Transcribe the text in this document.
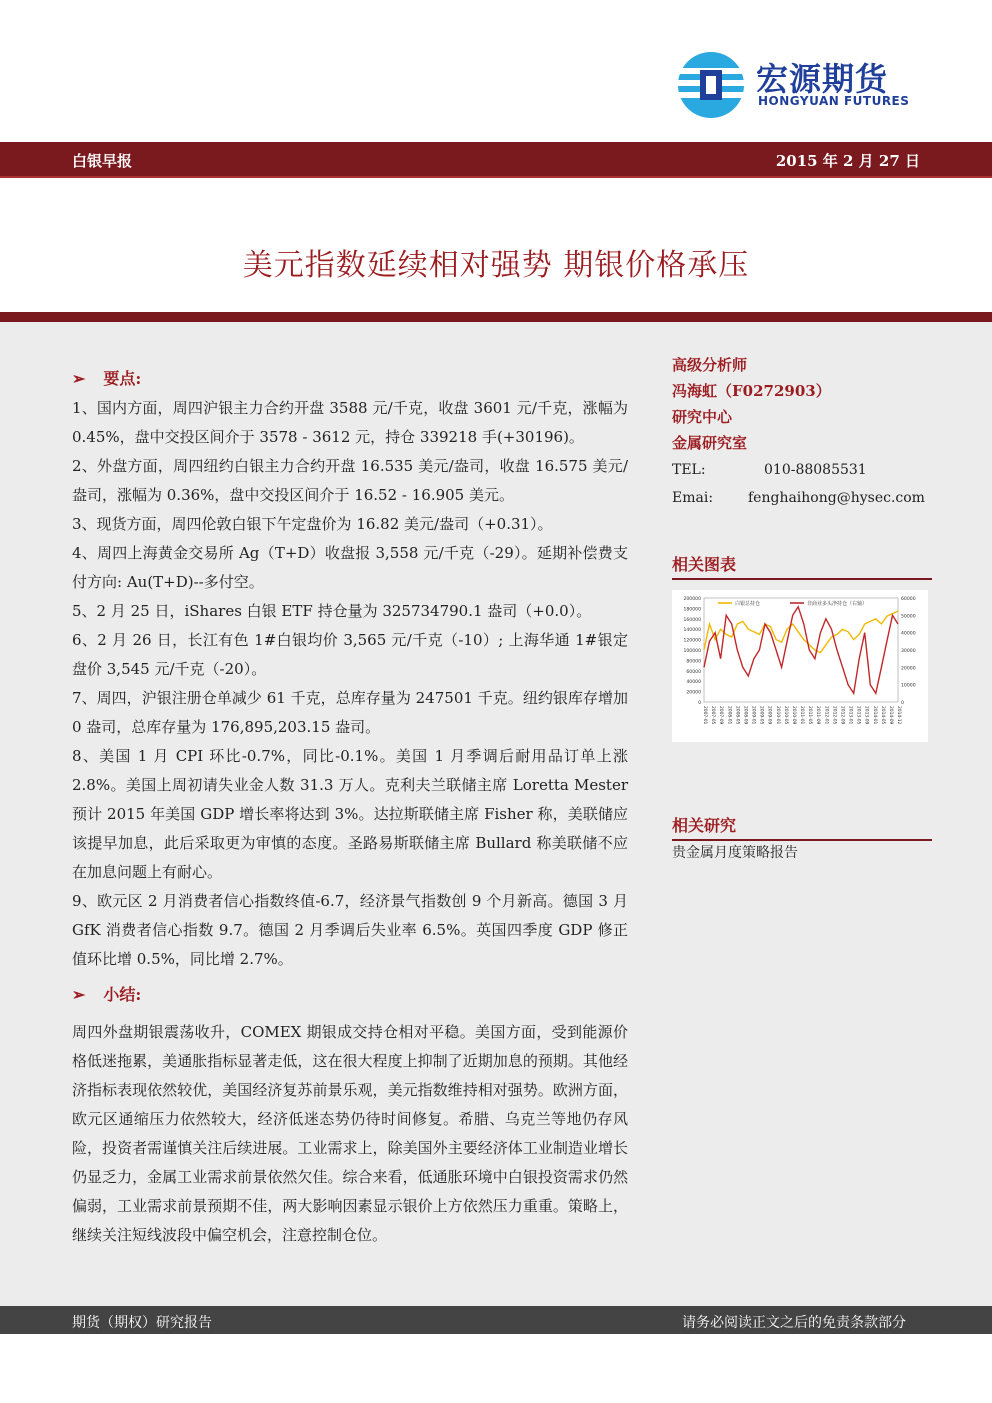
宏源期货
HONGYUAN FUTURES
白银早报	2015 年 2 月 27 日
美元指数延续相对强势 期银价格承压
➢ 要点:

1、国内方面，周四沪银主力合约开盘 3588 元/千克，收盘 3601 元/千克，涨幅为 0.45%，盘中交投区间介于 3578 - 3612 元，持仓 339218 手(+30196)。

2、外盘方面，周四纽约白银主力合约开盘 16.535 美元/盎司，收盘 16.575 美元/盎司，涨幅为 0.36%，盘中交投区间介于 16.52 - 16.905 美元。

3、现货方面，周四伦敦白银下午定盘价为 16.82 美元/盎司（+0.31）。

4、周四上海黄金交易所 Ag（T+D）收盘报 3,558 元/千克（-29）。延期补偿费支付方向: Au(T+D)--多付空。

5、2 月 25 日，iShares 白银 ETF 持仓量为 325734790.1 盎司（+0.0）。

6、2 月 26 日，长江有色 1#白银均价 3,565 元/千克（-10）; 上海华通 1#银定盘价 3,545 元/千克（-20）。

7、周四，沪银注册仓单减少 61 千克，总库存量为 247501 千克。纽约银库存增加 0 盎司，总库存量为 176,895,203.15 盎司。

8、美国 1 月 CPI 环比-0.7%，同比-0.1%。美国 1 月季调后耐用品订单上涨 2.8%。美国上周初请失业金人数 31.3 万人。克利夫兰联储主席 Loretta Mester 预计 2015 年美国 GDP 增长率将达到 3%。达拉斯联储主席 Fisher 称，美联储应该提早加息，此后采取更为审慎的态度。圣路易斯联储主席 Bullard 称美联储不应在加息问题上有耐心。

9、欧元区 2 月消费者信心指数终值-6.7，经济景气指数创 9 个月新高。德国 3 月 GfK 消费者信心指数 9.7。德国 2 月季调后失业率 6.5%。英国四季度 GDP 修正值环比增 0.5%，同比增 2.7%。

➢ 小结:

周四外盘期银震荡收升，COMEX 期银成交持仓相对平稳。美国方面，受到能源价格低迷拖累，美通胀指标显著走低，这在很大程度上抑制了近期加息的预期。其他经济指标表现依然较优，美国经济复苏前景乐观，美元指数维持相对强势。欧洲方面，欧元区通缩压力依然较大，经济低迷态势仍待时间修复。希腊、乌克兰等地仍存风险，投资者需谨慎关注后续进展。工业需求上，除美国外主要经济体工业制造业增长仍显乏力，金属工业需求前景依然欠佳。综合来看，低通胀环境中白银投资需求仍然偏弱，工业需求前景预期不佳，两大影响因素显示银价上方依然压力重重。策略上，继续关注短线波段中偏空机会，注意控制仓位。

高级分析师
冯海虹（F0272903）
研究中心
金属研究室
TEL:	010-88085531
Emai: fenghaihong@hysec.com
相关图表
200000
180000
160000
140000
120000
100000
80000
60000
40000
20000
0
60000
50000
40000
30000
20000
10000
0
2007-01 2007-05 2007-09 2008-01 2008-05 2008-09 2009-01 2009-05 2009-09 2010-01 2010-05 2010-09 2011-01 2011-05 2011-09 2012-01 2012-05 2012-09 2013-01 2013-05 2013-09 2014-01 2014-05 2014-09 2014-12
白银总持仓	非商业多头净持仓（右轴）
相关研究
贵金属月度策略报告
期货（期权）研究报告	请务必阅读正文之后的免责条款部分
